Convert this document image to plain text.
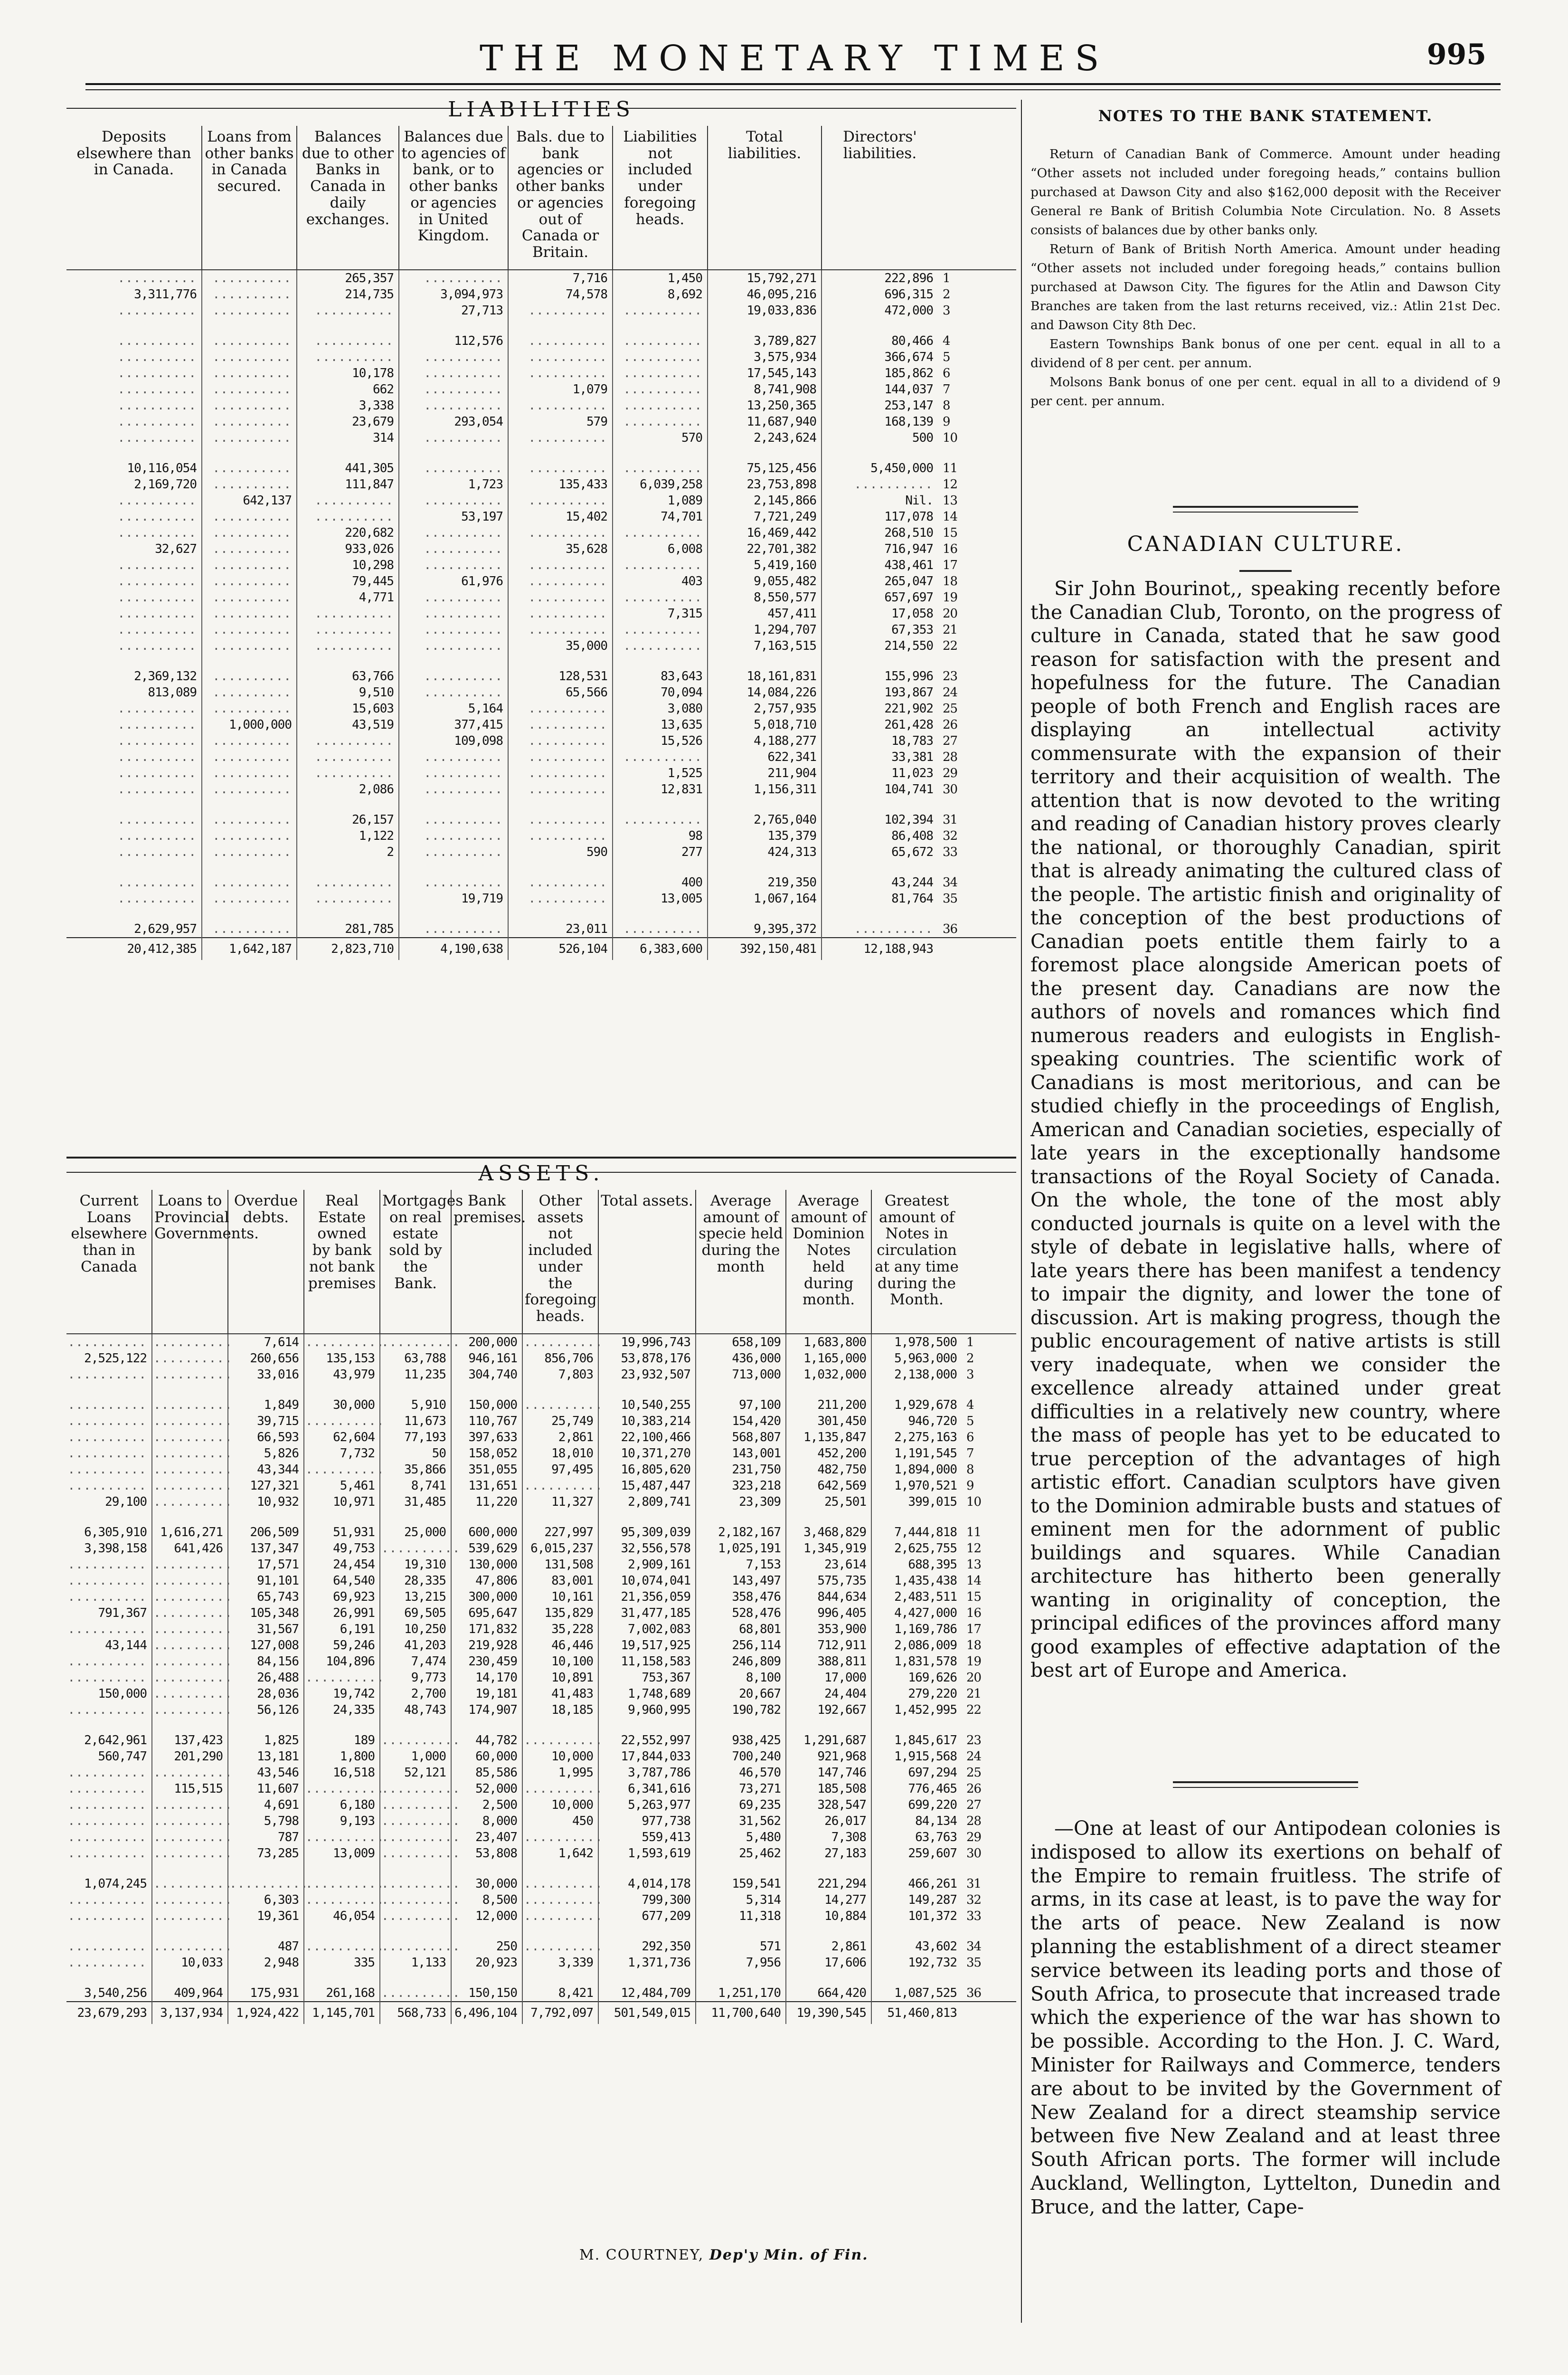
THE MONETARY TIMES	995
LIABILITIES
Deposits elsewhere than in Canada.	Loans from other banks in Canada secured.	Balances due to other Banks in Canada in daily exchanges.	Balances due to agencies of bank, or to other banks or agencies in United Kingdom.	Bals. due to bank agencies or other banks or agencies out of Canada or Britain.	Liabilities not included under foregoing heads.	Total liabilities.	Directors' liabilities.	
..........	..........	265,357	..........	7,716	1,450	15,792,271	222,896	1
3,311,776	..........	214,735	3,094,973	74,578	8,692	46,095,216	696,315	2
..........	..........	..........	27,713	..........	..........	19,033,836	472,000	3

..........	..........	..........	112,576	..........	..........	3,789,827	80,466	4
..........	..........	..........	..........	..........	..........	3,575,934	366,674	5
..........	..........	10,178	..........	..........	..........	17,545,143	185,862	6
..........	..........	662	..........	1,079	..........	8,741,908	144,037	7
..........	..........	3,338	..........	..........	..........	13,250,365	253,147	8
..........	..........	23,679	293,054	579	..........	11,687,940	168,139	9
..........	..........	314	..........	..........	570	2,243,624	500	10

10,116,054	..........	441,305	..........	..........	..........	75,125,456	5,450,000	11
2,169,720	..........	111,847	1,723	135,433	6,039,258	23,753,898	..........	12
..........	642,137	..........	..........	..........	1,089	2,145,866	Nil.	13
..........	..........	..........	53,197	15,402	74,701	7,721,249	117,078	14
..........	..........	220,682	..........	..........	..........	16,469,442	268,510	15
32,627	..........	933,026	..........	35,628	6,008	22,701,382	716,947	16
..........	..........	10,298	..........	..........	..........	5,419,160	438,461	17
..........	..........	79,445	61,976	..........	403	9,055,482	265,047	18
..........	..........	4,771	..........	..........	..........	8,550,577	657,697	19
..........	..........	..........	..........	..........	7,315	457,411	17,058	20
..........	..........	..........	..........	..........	..........	1,294,707	67,353	21
..........	..........	..........	..........	35,000	..........	7,163,515	214,550	22

2,369,132	..........	63,766	..........	128,531	83,643	18,161,831	155,996	23
813,089	..........	9,510	..........	65,566	70,094	14,084,226	193,867	24
..........	..........	15,603	5,164	..........	3,080	2,757,935	221,902	25
..........	1,000,000	43,519	377,415	..........	13,635	5,018,710	261,428	26
..........	..........	..........	109,098	..........	15,526	4,188,277	18,783	27
..........	..........	..........	..........	..........	..........	622,341	33,381	28
..........	..........	..........	..........	..........	1,525	211,904	11,023	29
..........	..........	2,086	..........	..........	12,831	1,156,311	104,741	30

..........	..........	26,157	..........	..........	..........	2,765,040	102,394	31
..........	..........	1,122	..........	..........	98	135,379	86,408	32
..........	..........	2	..........	590	277	424,313	65,672	33

..........	..........	..........	..........	..........	400	219,350	43,244	34
..........	..........	..........	19,719	..........	13,005	1,067,164	81,764	35

2,629,957	..........	281,785	..........	23,011	..........	9,395,372	..........	36
20,412,385	1,642,187	2,823,710	4,190,638	526,104	6,383,600	392,150,481	12,188,943	
ASSETS.
Current Loans elsewhere than in Canada	Loans to Provincial Governments.	Overdue debts.	Real Estate owned by bank not bank premises	Mortgages on real estate sold by the Bank.	Bank premises.	Other assets not included under the foregoing heads.	Total assets.	Average amount of specie held during the month	Average amount of Dominion Notes held during month.	Greatest amount of Notes in circulation at any time during the Month.	
..........	..........	7,614	..........	..........	200,000	..........	19,996,743	658,109	1,683,800	1,978,500	1
2,525,122	..........	260,656	135,153	63,788	946,161	856,706	53,878,176	436,000	1,165,000	5,963,000	2
..........	..........	33,016	43,979	11,235	304,740	7,803	23,932,507	713,000	1,032,000	2,138,000	3

..........	..........	1,849	30,000	5,910	150,000	..........	10,540,255	97,100	211,200	1,929,678	4
..........	..........	39,715	..........	11,673	110,767	25,749	10,383,214	154,420	301,450	946,720	5
..........	..........	66,593	62,604	77,193	397,633	2,861	22,100,466	568,807	1,135,847	2,275,163	6
..........	..........	5,826	7,732	50	158,052	18,010	10,371,270	143,001	452,200	1,191,545	7
..........	..........	43,344	..........	35,866	351,055	97,495	16,805,620	231,750	482,750	1,894,000	8
..........	..........	127,321	5,461	8,741	131,651	..........	15,487,447	323,218	642,569	1,970,521	9
29,100	..........	10,932	10,971	31,485	11,220	11,327	2,809,741	23,309	25,501	399,015	10

6,305,910	1,616,271	206,509	51,931	25,000	600,000	227,997	95,309,039	2,182,167	3,468,829	7,444,818	11
3,398,158	641,426	137,347	49,753	..........	539,629	6,015,237	32,556,578	1,025,191	1,345,919	2,625,755	12
..........	..........	17,571	24,454	19,310	130,000	131,508	2,909,161	7,153	23,614	688,395	13
..........	..........	91,101	64,540	28,335	47,806	83,001	10,074,041	143,497	575,735	1,435,438	14
..........	..........	65,743	69,923	13,215	300,000	10,161	21,356,059	358,476	844,634	2,483,511	15
791,367	..........	105,348	26,991	69,505	695,647	135,829	31,477,185	528,476	996,405	4,427,000	16
..........	..........	31,567	6,191	10,250	171,832	35,228	7,002,083	68,801	353,900	1,169,786	17
43,144	..........	127,008	59,246	41,203	219,928	46,446	19,517,925	256,114	712,911	2,086,009	18
..........	..........	84,156	104,896	7,474	230,459	10,100	11,158,583	246,809	388,811	1,831,578	19
..........	..........	26,488	..........	9,773	14,170	10,891	753,367	8,100	17,000	169,626	20
150,000	..........	28,036	19,742	2,700	19,181	41,483	1,748,689	20,667	24,404	279,220	21
..........	..........	56,126	24,335	48,743	174,907	18,185	9,960,995	190,782	192,667	1,452,995	22

2,642,961	137,423	1,825	189	..........	44,782	..........	22,552,997	938,425	1,291,687	1,845,617	23
560,747	201,290	13,181	1,800	1,000	60,000	10,000	17,844,033	700,240	921,968	1,915,568	24
..........	..........	43,546	16,518	52,121	85,586	1,995	3,787,786	46,570	147,746	697,294	25
..........	115,515	11,607	..........	..........	52,000	..........	6,341,616	73,271	185,508	776,465	26
..........	..........	4,691	6,180	..........	2,500	10,000	5,263,977	69,235	328,547	699,220	27
..........	..........	5,798	9,193	..........	8,000	450	977,738	31,562	26,017	84,134	28
..........	..........	787	..........	..........	23,407	..........	559,413	5,480	7,308	63,763	29
..........	..........	73,285	13,009	..........	53,808	1,642	1,593,619	25,462	27,183	259,607	30

1,074,245	..........	..........	..........	..........	30,000	..........	4,014,178	159,541	221,294	466,261	31
..........	..........	6,303	..........	..........	8,500	..........	799,300	5,314	14,277	149,287	32
..........	..........	19,361	46,054	..........	12,000	..........	677,209	11,318	10,884	101,372	33

..........	..........	487	..........	..........	250	..........	292,350	571	2,861	43,602	34
..........	10,033	2,948	335	1,133	20,923	3,339	1,371,736	7,956	17,606	192,732	35

3,540,256	409,964	175,931	261,168	..........	150,150	8,421	12,484,709	1,251,170	664,420	1,087,525	36
23,679,293	3,137,934	1,924,422	1,145,701	568,733	6,496,104	7,792,097	501,549,015	11,700,640	19,390,545	51,460,813	
M. COURTNEY, Dep'y Min. of Fin.
NOTES TO THE BANK STATEMENT.

Return of Canadian Bank of Commerce. Amount under heading “Other assets not included under foregoing heads,” contains bullion purchased at Dawson City and also $162,000 deposit with the Receiver General re Bank of British Columbia Note Circulation. No. 8 Assets consists of balances due by other banks only.

Return of Bank of British North America. Amount under heading “Other assets not included under foregoing heads,” contains bullion purchased at Dawson City. The figures for the Atlin and Dawson City Branches are taken from the last returns received, viz.: Atlin 21st Dec. and Dawson City 8th Dec.

Eastern Townships Bank bonus of one per cent. equal in all to a dividend of 8 per cent. per annum.

Molsons Bank bonus of one per cent. equal in all to a dividend of 9 per cent. per annum.

CANADIAN CULTURE.

Sir John Bourinot,, speaking recently before the Canadian Club, Toronto, on the progress of culture in Canada, stated that he saw good reason for satisfaction with the present and hopefulness for the future. The Canadian people of both French and English races are displaying an intellectual activity commensurate with the expansion of their territory and their acquisition of wealth. The attention that is now devoted to the writing and reading of Canadian history proves clearly the national, or thoroughly Canadian, spirit that is already animating the cultured class of the people. The artistic finish and originality of the conception of the best productions of Canadian poets entitle them fairly to a foremost place alongside American poets of the present day. Canadians are now the authors of novels and romances which find numerous readers and eulogists in English-speaking countries. The scientific work of Canadians is most meritorious, and can be studied chiefly in the proceedings of English, American and Canadian societies, especially of late years in the exceptionally handsome transactions of the Royal Society of Canada. On the whole, the tone of the most ably conducted journals is quite on a level with the style of debate in legislative halls, where of late years there has been manifest a tendency to impair the dignity, and lower the tone of discussion. Art is making progress, though the public encouragement of native artists is still very inadequate, when we consider the excellence already attained under great difficulties in a relatively new country, where the mass of people has yet to be educated to true perception of the advantages of high artistic effort. Canadian sculptors have given to the Dominion admirable busts and statues of eminent men for the adornment of public buildings and squares. While Canadian architecture has hitherto been generally wanting in originality of conception, the principal edifices of the provinces afford many good examples of effective adaptation of the best art of Europe and America.

—One at least of our Antipodean colonies is indisposed to allow its exertions on behalf of the Empire to remain fruitless. The strife of arms, in its case at least, is to pave the way for the arts of peace. New Zealand is now planning the establishment of a direct steamer service between its leading ports and those of South Africa, to prosecute that increased trade which the experience of the war has shown to be possible. According to the Hon. J. C. Ward, Minister for Railways and Commerce, tenders are about to be invited by the Government of New Zealand for a direct steamship service between five New Zealand and at least three South African ports. The former will include Auckland, Wellington, Lyttelton, Dunedin and Bruce, and the latter, Cape-
